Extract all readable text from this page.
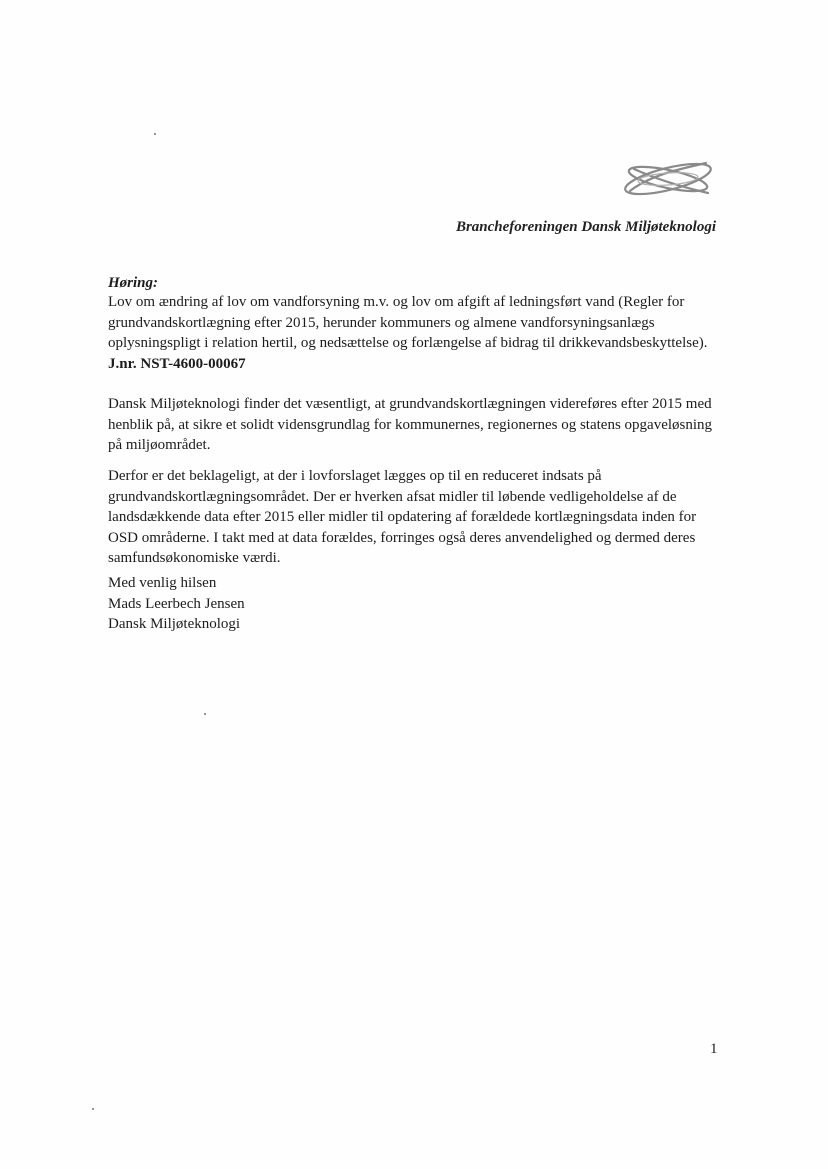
Brancheforeningen Dansk Miljøteknologi
Høring:
Lov om ændring af lov om vandforsyning m.v. og lov om afgift af ledningsført vand (Regler for grundvandskortlægning efter 2015, herunder kommuners og almene vandforsyningsanlægs oplysningspligt i relation hertil, og nedsættelse og forlængelse af bidrag til drikkevandsbeskyttelse). J.nr. NST-4600-00067
Dansk Miljøteknologi finder det væsentligt, at grundvandskortlægningen videreføres efter 2015 med henblik på, at sikre et solidt vidensgrundlag for kommunernes, regionernes og statens opgaveløsning på miljøområdet.
Derfor er det beklageligt, at der i lovforslaget lægges op til en reduceret indsats på grundvandskortlægningsområdet. Der er hverken afsat midler til løbende vedligeholdelse af de landsdækkende data efter 2015 eller midler til opdatering af forældede kortlægningsdata inden for OSD områderne. I takt med at data forældes, forringes også deres anvendelighed og dermed deres samfundsøkonomiske værdi.
Med venlig hilsen
Mads Leerbech Jensen
Dansk Miljøteknologi
1
